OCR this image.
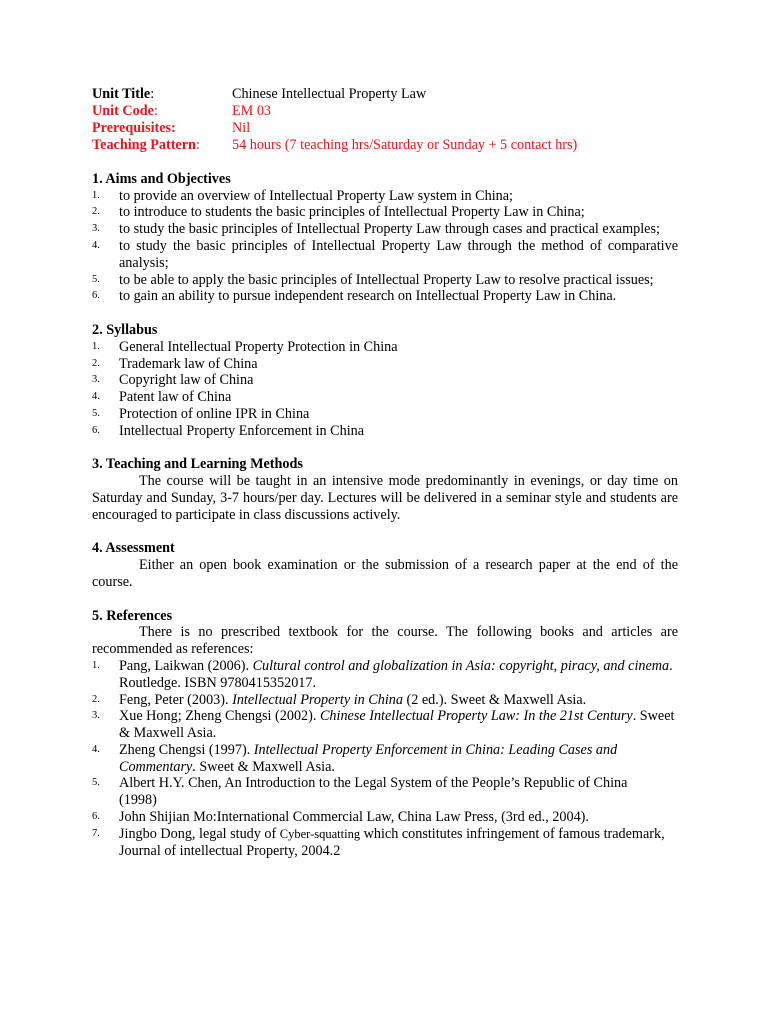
Unit Title:	Chinese Intellectual Property Law
Unit Code:	EM 03
Prerequisites:	Nil
Teaching Pattern:	54 hours (7 teaching hrs/Saturday or Sunday + 5 contact hrs)
1. Aims and Objectives
1.	to provide an overview of Intellectual Property Law system in China;
2.	to introduce to students the basic principles of Intellectual Property Law in China;
3.	to study the basic principles of Intellectual Property Law through cases and practical examples;
4.	to study the basic principles of Intellectual Property Law through the method of comparative analysis;
5.	to be able to apply the basic principles of Intellectual Property Law to resolve practical issues;
6.	to gain an ability to pursue independent research on Intellectual Property Law in China.
2. Syllabus
1.	General Intellectual Property Protection in China
2.	Trademark law of China
3.	Copyright law of China
4.	Patent law of China
5.	Protection of online IPR in China
6.	Intellectual Property Enforcement in China
3. Teaching and Learning Methods
The course will be taught in an intensive mode predominantly in evenings, or day time on Saturday and Sunday, 3-7 hours/per day. Lectures will be delivered in a seminar style and students are encouraged to participate in class discussions actively.
4. Assessment
Either an open book examination or the submission of a research paper at the end of the course.
5. References
There is no prescribed textbook for the course. The following books and articles are recommended as references:
1.	Pang, Laikwan (2006). Cultural control and globalization in Asia: copyright, piracy, and cinema. Routledge. ISBN 9780415352017.
2.	Feng, Peter (2003). Intellectual Property in China (2 ed.). Sweet & Maxwell Asia.
3.	Xue Hong; Zheng Chengsi (2002). Chinese Intellectual Property Law: In the 21st Century. Sweet & Maxwell Asia.
4.	Zheng Chengsi (1997). Intellectual Property Enforcement in China: Leading Cases and Commentary. Sweet & Maxwell Asia.
5.	Albert H.Y. Chen, An Introduction to the Legal System of the People’s Republic of China (1998)
6.	John Shijian Mo:International Commercial Law, China Law Press, (3rd ed., 2004).
7.	Jingbo Dong, legal study of Cyber-squatting which constitutes infringement of famous trademark, Journal of intellectual Property, 2004.2
